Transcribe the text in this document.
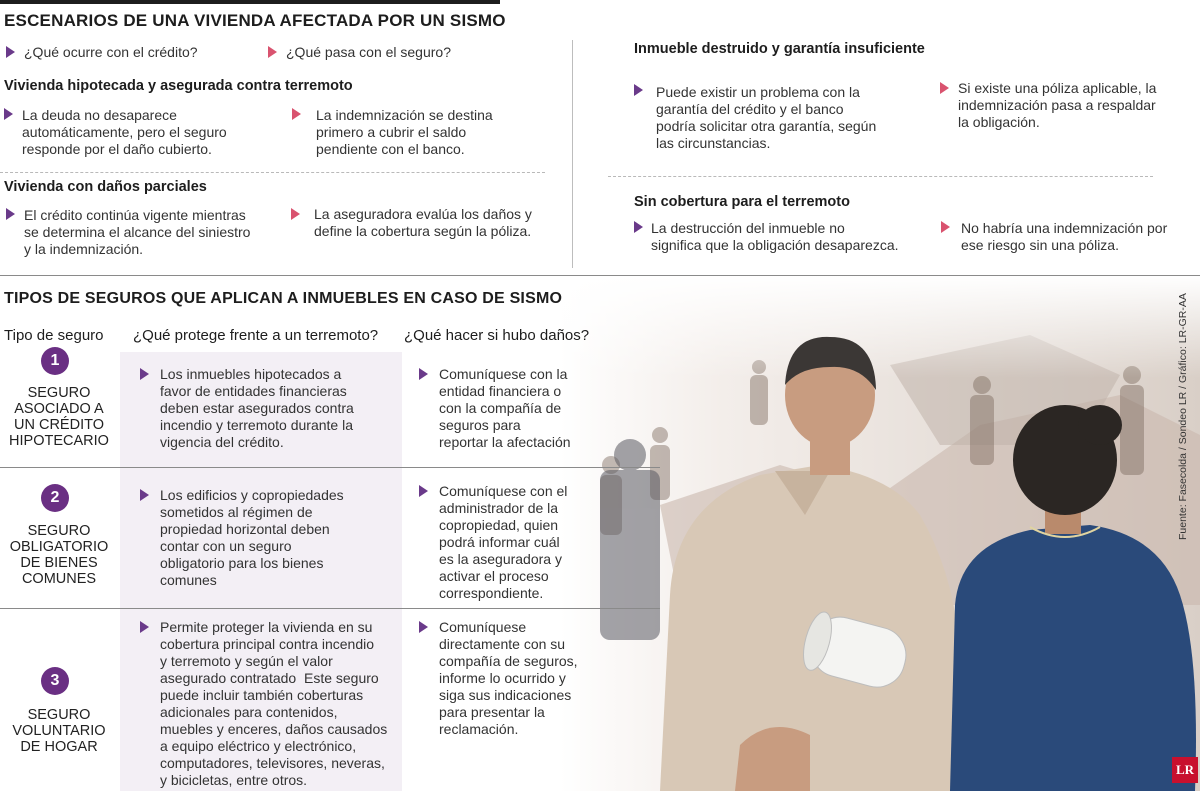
ESCENARIOS DE UNA VIVIENDA AFECTADA POR UN SISMO
¿Qué ocurre con el crédito?	¿Qué pasa con el seguro?
Vivienda hipotecada y asegurada contra terremoto
La deuda no desaparece
automáticamente, pero el seguro
responde por el daño cubierto.
La indemnización se destina
primero a cubrir el saldo
pendiente con el banco.
Vivienda con daños parciales
El crédito continúa vigente mientras
se determina el alcance del siniestro
y la indemnización.
La aseguradora evalúa los daños y
define la cobertura según la póliza.
Inmueble destruido y garantía insuficiente
Puede existir un problema con la
garantía del crédito y el banco
podría solicitar otra garantía, según
las circunstancias.
Si existe una póliza aplicable, la
indemnización pasa a respaldar
la obligación.
Sin cobertura para el terremoto
La destrucción del inmueble no
significa que la obligación desaparezca.
No habría una indemnización por
ese riesgo sin una póliza.
TIPOS DE SEGUROS QUE APLICAN A INMUEBLES EN CASO DE SISMO
Tipo de seguro ¿Qué protege frente a un terremoto? ¿Qué hacer si hubo daños?
1
SEGURO
ASOCIADO A
UN CRÉDITO
HIPOTECARIO
Los inmuebles hipotecados a
favor de entidades financieras
deben estar asegurados contra
incendio y terremoto durante la
vigencia del crédito.
Comuníquese con la
entidad financiera o
con la compañía de
seguros para
reportar la afectación
2
SEGURO
OBLIGATORIO
DE BIENES
COMUNES
Los edificios y copropiedades
sometidos al régimen de
propiedad horizontal deben
contar con un seguro
obligatorio para los bienes
comunes
Comuníquese con el
administrador de la
copropiedad, quien
podrá informar cuál
es la aseguradora y
activar el proceso
correspondiente.
3
SEGURO
VOLUNTARIO
DE HOGAR
Permite proteger la vivienda en su
cobertura principal contra incendio
y terremoto y según el valor
asegurado contratado  Este seguro
puede incluir también coberturas
adicionales para contenidos,
muebles y enceres, daños causados
a equipo eléctrico y electrónico,
computadores, televisores, neveras,
y bicicletas, entre otros.
Comuníquese
directamente con su
compañía de seguros,
informe lo ocurrido y
siga sus indicaciones
para presentar la
reclamación.
Fuente: Fasecolda / Sondeo LR / Gráfico: LR-GR-AA
LR
